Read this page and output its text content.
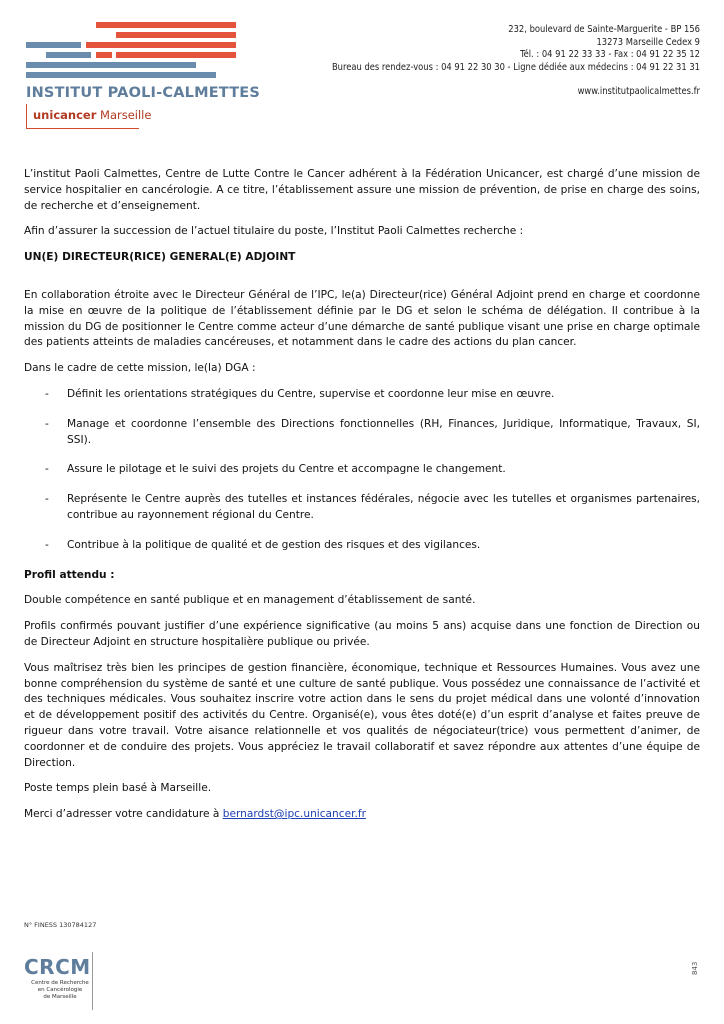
INSTITUT PAOLI-CALMETTES
unicancer Marseille
232, boulevard de Sainte-Marguerite - BP 156
13273 Marseille Cedex 9
Tél. : 04 91 22 33 33 - Fax : 04 91 22 35 12
Bureau des rendez-vous : 04 91 22 30 30 - Ligne dédiée aux médecins : 04 91 22 31 31
www.institutpaolicalmettes.fr

L’institut Paoli Calmettes, Centre de Lutte Contre le Cancer adhérent à la Fédération Unicancer, est chargé d’une mission de service hospitalier en cancérologie. A ce titre, l’établissement assure une mission de prévention, de prise en charge des soins, de recherche et d’enseignement.

Afin d’assurer la succession de l’actuel titulaire du poste, l’Institut Paoli Calmettes recherche :

UN(E) DIRECTEUR(RICE) GENERAL(E) ADJOINT

En collaboration étroite avec le Directeur Général de l’IPC, le(a) Directeur(rice) Général Adjoint prend en charge et coordonne la mise en œuvre de la politique de l’établissement définie par le DG et selon le schéma de délégation. Il contribue à la mission du DG de positionner le Centre comme acteur d’une démarche de santé publique visant une prise en charge optimale des patients atteints de maladies cancéreuses, et notamment dans le cadre des actions du plan cancer.

Dans le cadre de cette mission, le(la) DGA :

- Définit les orientations stratégiques du Centre, supervise et coordonne leur mise en œuvre.
- Manage et coordonne l’ensemble des Directions fonctionnelles (RH, Finances, Juridique, Informatique, Travaux, SI, SSI).
- Assure le pilotage et le suivi des projets du Centre et accompagne le changement.
- Représente le Centre auprès des tutelles et instances fédérales, négocie avec les tutelles et organismes partenaires, contribue au rayonnement régional du Centre.
- Contribue à la politique de qualité et de gestion des risques et des vigilances.

Profil attendu :

Double compétence en santé publique et en management d’établissement de santé.

Profils confirmés pouvant justifier d’une expérience significative (au moins 5 ans) acquise dans une fonction de Direction ou de Directeur Adjoint en structure hospitalière publique ou privée.

Vous maîtrisez très bien les principes de gestion financière, économique, technique et Ressources Humaines. Vous avez une bonne compréhension du système de santé et une culture de santé publique. Vous possédez une connaissance de l’activité et des techniques médicales. Vous souhaitez inscrire votre action dans le sens du projet médical dans une volonté d’innovation et de développement positif des activités du Centre. Organisé(e), vous êtes doté(e) d’un esprit d’analyse et faites preuve de rigueur dans votre travail. Votre aisance relationnelle et vos qualités de négociateur(trice) vous permettent d’animer, de coordonner et de conduire des projets. Vous appréciez le travail collaboratif et savez répondre aux attentes d’une équipe de Direction.

Poste temps plein basé à Marseille.

Merci d’adresser votre candidature à bernardst@ipc.unicancer.fr

N° FINESS 130784127
CRCM
Centre de Recherche
en Cancérologie
de Marseille
843
